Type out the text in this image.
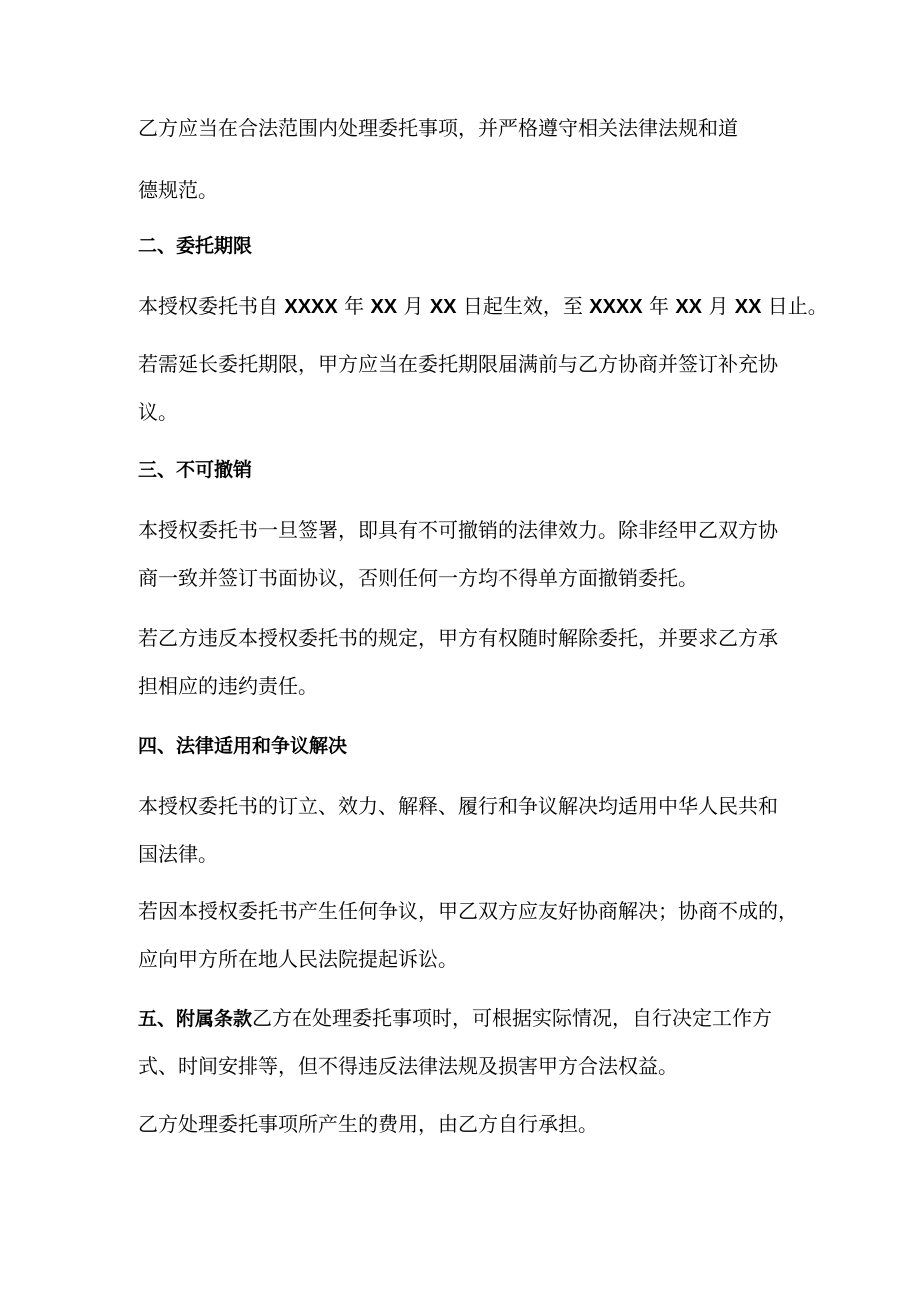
乙方应当在合法范围内处理委托事项，并严格遵守相关法律法规和道

德规范。

二、委托期限

本授权委托书自 XXXX 年 XX 月 XX 日起生效，至 XXXX 年 XX 月 XX 日止。

若需延长委托期限，甲方应当在委托期限届满前与乙方协商并签订补充协

议。

三、不可撤销

本授权委托书一旦签署，即具有不可撤销的法律效力。除非经甲乙双方协

商一致并签订书面协议，否则任何一方均不得单方面撤销委托。

若乙方违反本授权委托书的规定，甲方有权随时解除委托，并要求乙方承

担相应的违约责任。

四、法律适用和争议解决

本授权委托书的订立、效力、解释、履行和争议解决均适用中华人民共和

国法律。

若因本授权委托书产生任何争议，甲乙双方应友好协商解决；协商不成的，

应向甲方所在地人民法院提起诉讼。

五、附属条款乙方在处理委托事项时，可根据实际情况，自行决定工作方

式、时间安排等，但不得违反法律法规及损害甲方合法权益。

乙方处理委托事项所产生的费用，由乙方自行承担。
